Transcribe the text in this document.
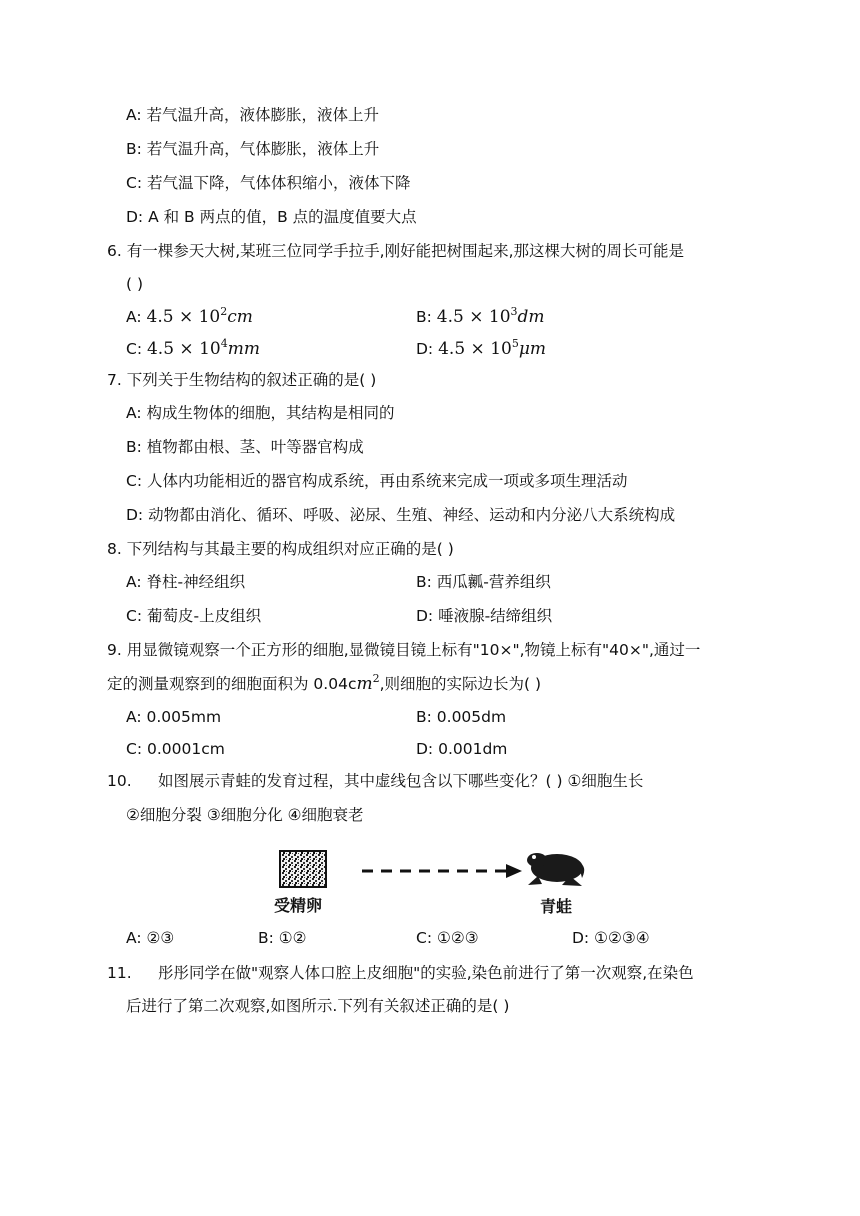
A: 若气温升高，液体膨胀，液体上升
B: 若气温升高，气体膨胀，液体上升
C: 若气温下降，气体体积缩小，液体下降
D: A 和 B 两点的值，B 点的温度值要大点
6. 有一棵参天大树,某班三位同学手拉手,刚好能把树围起来,那这棵大树的周长可能是
( )
A: $4.5 \times 10^2cm$	B: $4.5 \times 10^3dm$
C: $4.5 \times 10^4mm$	D: $4.5 \times 10^5\mu m$
7. 下列关于生物结构的叙述正确的是( )
A: 构成生物体的细胞，其结构是相同的
B: 植物都由根、茎、叶等器官构成
C: 人体内功能相近的器官构成系统，再由系统来完成一项或多项生理活动
D: 动物都由消化、循环、呼吸、泌尿、生殖、神经、运动和内分泌八大系统构成
8. 下列结构与其最主要的构成组织对应正确的是( )
A: 脊柱-神经组织	B: 西瓜瓤-营养组织
C: 葡萄皮-上皮组织	D: 唾液腺-结缔组织
9. 用显微镜观察一个正方形的细胞,显微镜目镜上标有"10×",物镜上标有"40×",通过一
定的测量观察到的细胞面积为 $0.04cm^2$,则细胞的实际边长为( )
A: 0.005mm	B: 0.005dm
C: 0.0001cm	D: 0.001dm
10. 如图展示青蛙的发育过程，其中虚线包含以下哪些变化？( ) ①细胞生长
②细胞分裂 ③细胞分化 ④细胞衰老
受精卵	青蛙
A: ②③	B: ①②	C: ①②③	D: ①②③④
11. 彤彤同学在做"观察人体口腔上皮细胞"的实验,染色前进行了第一次观察,在染色
后进行了第二次观察,如图所示.下列有关叙述正确的是( )
